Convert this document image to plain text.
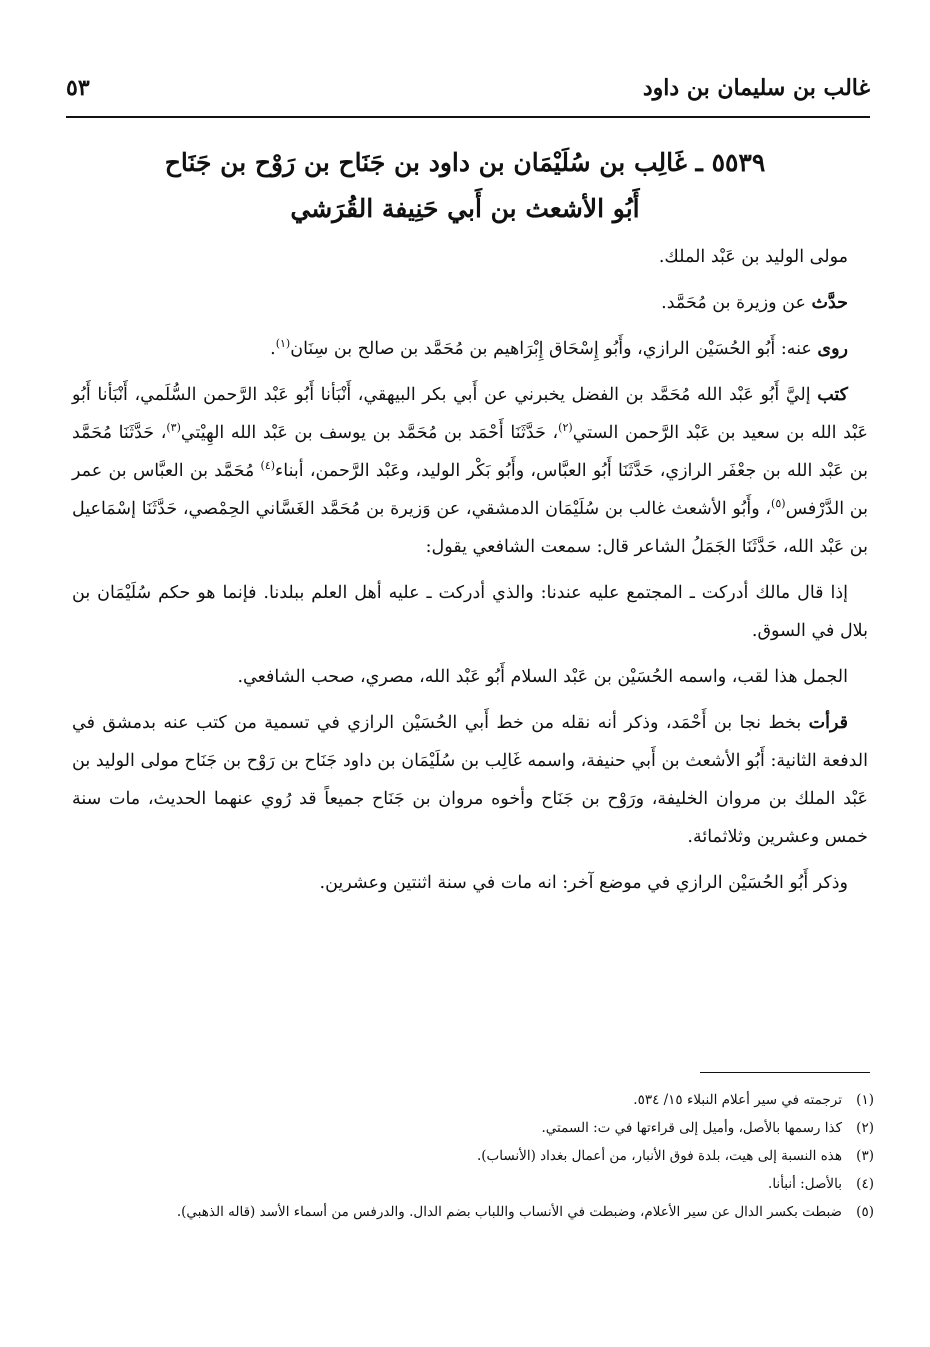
غالب بن سليمان بن داود
٥٣
٥٥٣٩ ـ غَالِب بن سُلَيْمَان بن داود بن جَنَاح بن رَوْح بن جَنَاح
أَبُو الأشعث بن أَبي حَنِيفة القُرَشي

مولى الوليد بن عَبْد الملك.

حدَّث عن وزيرة بن مُحَمَّد.

روى عنه: أَبُو الحُسَيْن الرازي، وأَبُو إِسْحَاق إِبْرَاهيم بن مُحَمَّد بن صالح بن سِنَان$^{(١)}$.

كتب إليَّ أَبُو عَبْد الله مُحَمَّد بن الفضل يخبرني عن أَبي بكر البيهقي، أَنْبَأنا أَبُو عَبْد الرَّحمن السُّلَمي، أَنْبَأنا أَبُو عَبْد الله بن سعيد بن عَبْد الرَّحمن الستي$^{(٢)}$، حَدَّثَنَا أَحْمَد بن مُحَمَّد بن يوسف بن عَبْد الله الهِيْتي$^{(٣)}$، حَدَّثَنَا مُحَمَّد بن عَبْد الله بن جعْفَر الرازي، حَدَّثَنَا أَبُو العبَّاس، وأَبُو بَكْر الوليد، وعَبْد الرَّحمن، أبناء$^{(٤)}$ مُحَمَّد بن العبَّاس بن عمر بن الدَّرْفس$^{(٥)}$، وأَبُو الأشعث غالب بن سُلَيْمَان الدمشقي، عن وَزيرة بن مُحَمَّد الغَسَّاني الحِمْصي، حَدَّثَنَا إسْمَاعيل بن عَبْد الله، حَدَّثَنَا الجَمَلُ الشاعر قال: سمعت الشافعي يقول:

إذا قال مالك أدركت ـ المجتمع عليه عندنا: والذي أدركت ـ عليه أهل العلم ببلدنا. فإنما هو حكم سُلَيْمَان بن بلال في السوق.

الجمل هذا لقب، واسمه الحُسَيْن بن عَبْد السلام أَبُو عَبْد الله، مصري، صحب الشافعي.

قرأت بخط نجا بن أَحْمَد، وذكر أنه نقله من خط أَبي الحُسَيْن الرازي في تسمية من كتب عنه بدمشق في الدفعة الثانية: أَبُو الأشعث بن أَبي حنيفة، واسمه غَالِب بن سُلَيْمَان بن داود جَنَاح بن رَوْح بن جَنَاح مولى الوليد بن عَبْد الملك بن مروان الخليفة، ورَوْح بن جَنَاح وأخوه مروان بن جَنَاح جميعاً قد رُوي عنهما الحديث، مات سنة خمس وعشرين وثلاثمائة.

وذكر أَبُو الحُسَيْن الرازي في موضع آخر: انه مات في سنة اثنتين وعشرين.

(١)
ترجمته في سير أعلام النبلاء ١٥/ ٥٣٤.
(٢)
كذا رسمها بالأصل، وأميل إلى قراءتها في ت: السمتي.
(٣)
هذه النسبة إلى هيت، بلدة فوق الأنبار، من أعمال بغداد (الأنساب).
(٤)
بالأصل: أنبأنا.
(٥)
ضبطت بكسر الدال عن سير الأعلام، وضبطت في الأنساب واللباب بضم الدال. والدرفس من أسماء الأسد (قاله الذهبي).
